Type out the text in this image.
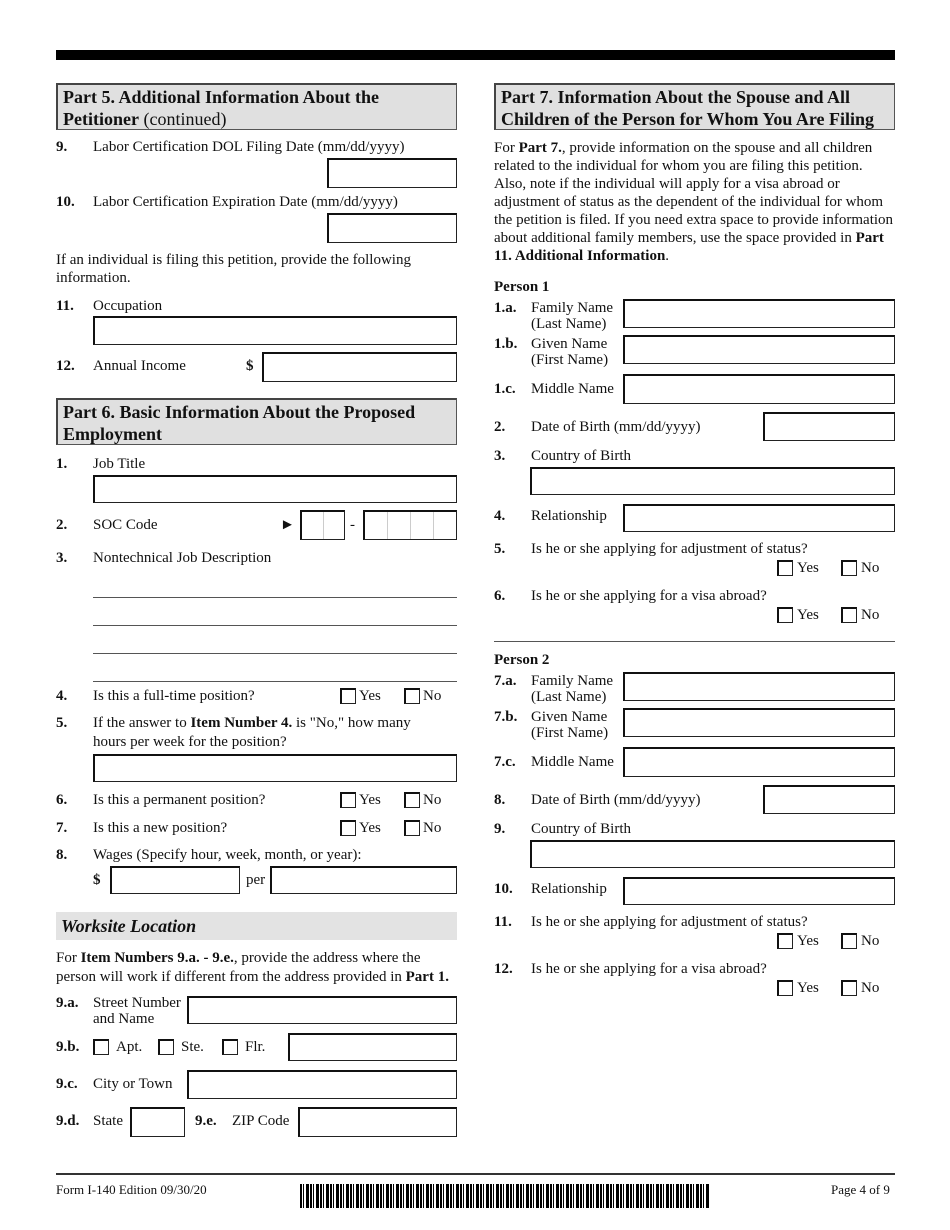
Part 5. Additional Information About the Petitioner (continued)
9. Labor Certification DOL Filing Date (mm/dd/yyyy)
10. Labor Certification Expiration Date (mm/dd/yyyy)
If an individual is filing this petition, provide the following information.
11. Occupation
12. Annual Income	$
Part 6. Basic Information About the Proposed Employment
1. Job Title
2. SOC Code	►	-
3. Nontechnical Job Description
4. Is this a full-time position?	Yes	No
5. If the answer to Item Number 4. is "No," how many
hours per week for the position?
6. Is this a permanent position?	Yes	No
7. Is this a new position?	Yes	No
8. Wages (Specify hour, week, month, or year):
$	per
Worksite Location
For Item Numbers 9.a. - 9.e., provide the address where the
person will work if different from the address provided in Part 1.
9.a. Street Number
and Name
9.b. Apt.	Ste.	Flr.
9.c. City or Town
9.d. State	9.e. ZIP Code
Part 7. Information About the Spouse and All Children of the Person for Whom You Are Filing
For Part 7., provide information on the spouse and all children related to the individual for whom you are filing this petition. Also, note if the individual will apply for a visa abroad or adjustment of status as the dependent of the individual for whom the petition is filed. If you need extra space to provide information about additional family members, use the space provided in Part 11. Additional Information.
Form I-140 Edition 09/30/20	Page 4 of 9
Person 1
1.a. Family Name
(Last Name)
1.b. Given Name
(First Name)
1.c. Middle Name
2. Date of Birth (mm/dd/yyyy)
3. Country of Birth
4. Relationship
5. Is he or she applying for adjustment of status?
Yes	No
6. Is he or she applying for a visa abroad?
Yes	No
Person 2
7.a. Family Name
(Last Name)
7.b. Given Name
(First Name)
7.c. Middle Name
8. Date of Birth (mm/dd/yyyy)
9. Country of Birth
10. Relationship
11. Is he or she applying for adjustment of status?
Yes	No
12. Is he or she applying for a visa abroad?
Yes	No
